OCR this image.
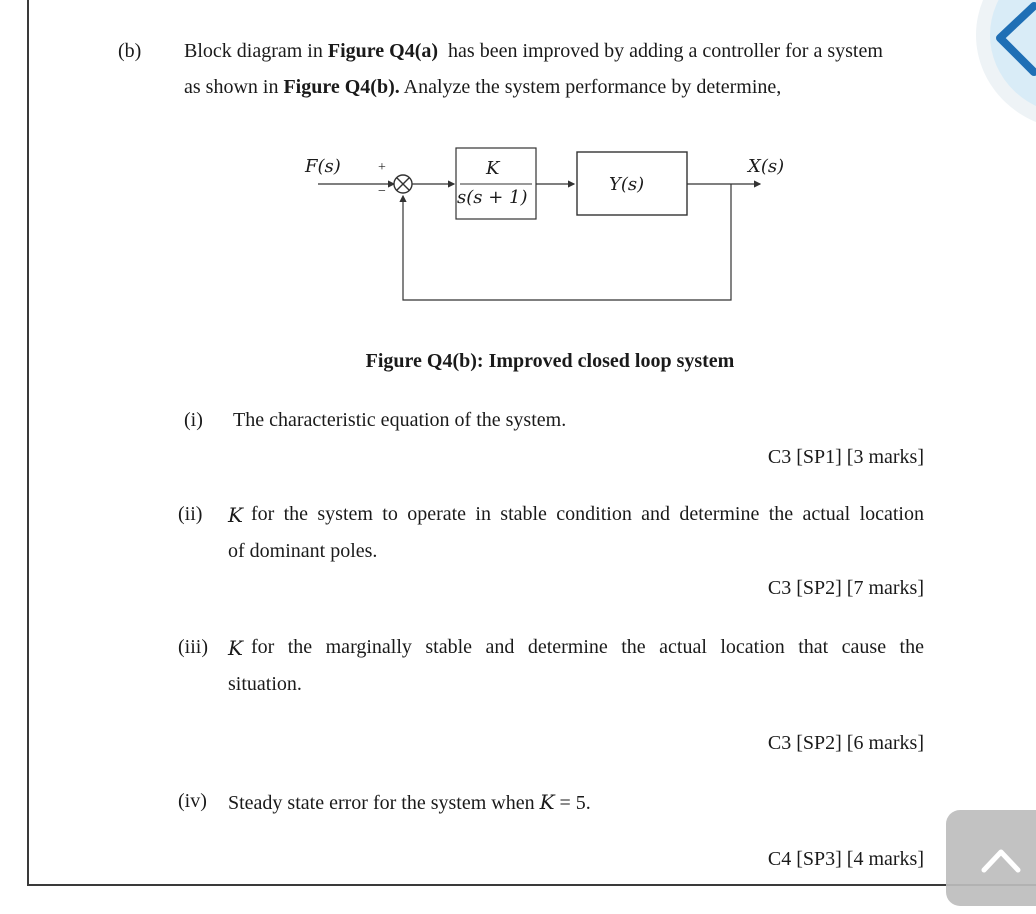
(b) Block diagram in Figure Q4(a) has been improved by adding a controller for a system
as shown in Figure Q4(b). Analyze the system performance by determine,
F(s)	+
−
K
s(s + 1)
Y(s)
X(s)
Figure Q4(b): Improved closed loop system
(i) The characteristic equation of the system.
C3 [SP1] [3 marks]
(ii) K for the system to operate in stable condition and determine the actual location
of dominant poles.
C3 [SP2] [7 marks]
(iii) K for the marginally stable and determine the actual location that cause the
situation.
C3 [SP2] [6 marks]
(iv) Steady state error for the system when K = 5.
C4 [SP3] [4 marks]
